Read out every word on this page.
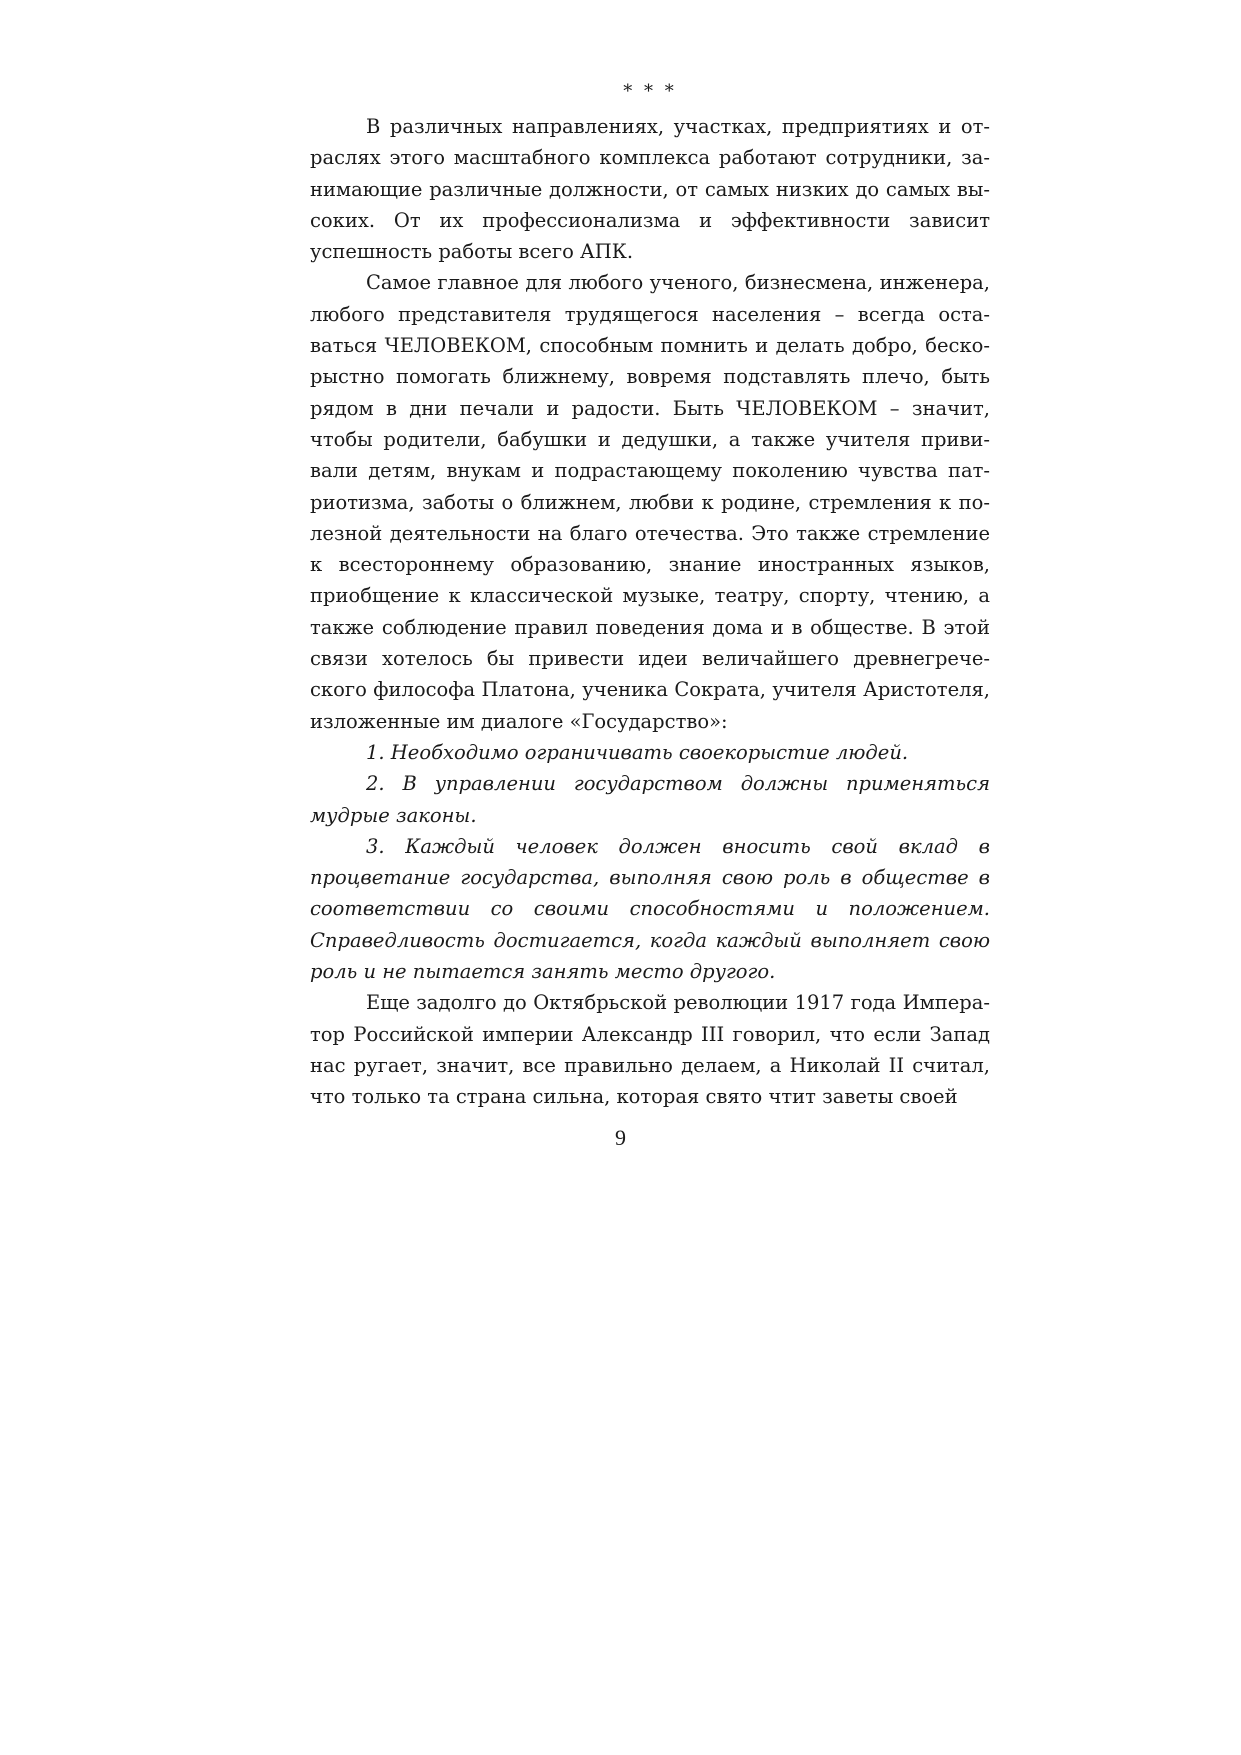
* * *

В различных направлениях, участках, предприятиях и отраслях этого масштабного комплекса работают сотрудники, занимающие различные должности, от самых низких до самых высоких. От их профессионализма и эффективности зависит успешность работы всего АПК.

Самое главное для любого ученого, бизнесмена, инженера, любого представителя трудящегося населения – всегда оставаться ЧЕЛОВЕКОМ, способным помнить и делать добро, бескорыстно помогать ближнему, вовремя подставлять плечо, быть рядом в дни печали и радости. Быть ЧЕЛОВЕКОМ – значит, чтобы родители, бабушки и дедушки, а также учителя прививали детям, внукам и подрастающему поколению чувства патриотизма, заботы о ближнем, любви к родине, стремления к полезной деятельности на благо отечества. Это также стремление к всестороннему образованию, знание иностранных языков, приобщение к классической музыке, театру, спорту, чтению, а также соблюдение правил поведения дома и в обществе. В этой связи хотелось бы привести идеи величайшего древнегреческого философа Платона, ученика Сократа, учителя Аристотеля, изложенные им диалоге «Государство»:

1. Необходимо ограничивать своекорыстие людей.

2. В управлении государством должны применяться мудрые законы.

3. Каждый человек должен вносить свой вклад в процветание государства, выполняя свою роль в обществе в соответствии со своими способностями и положением. Справедливость достигается, когда каждый выполняет свою роль и не пытается занять место другого.

Еще задолго до Октябрьской революции 1917 года Император Российской империи Александр III говорил, что если Запад нас ругает, значит, все правильно делаем, а Николай II считал, что только та страна сильна, которая свято чтит заветы своей

9
